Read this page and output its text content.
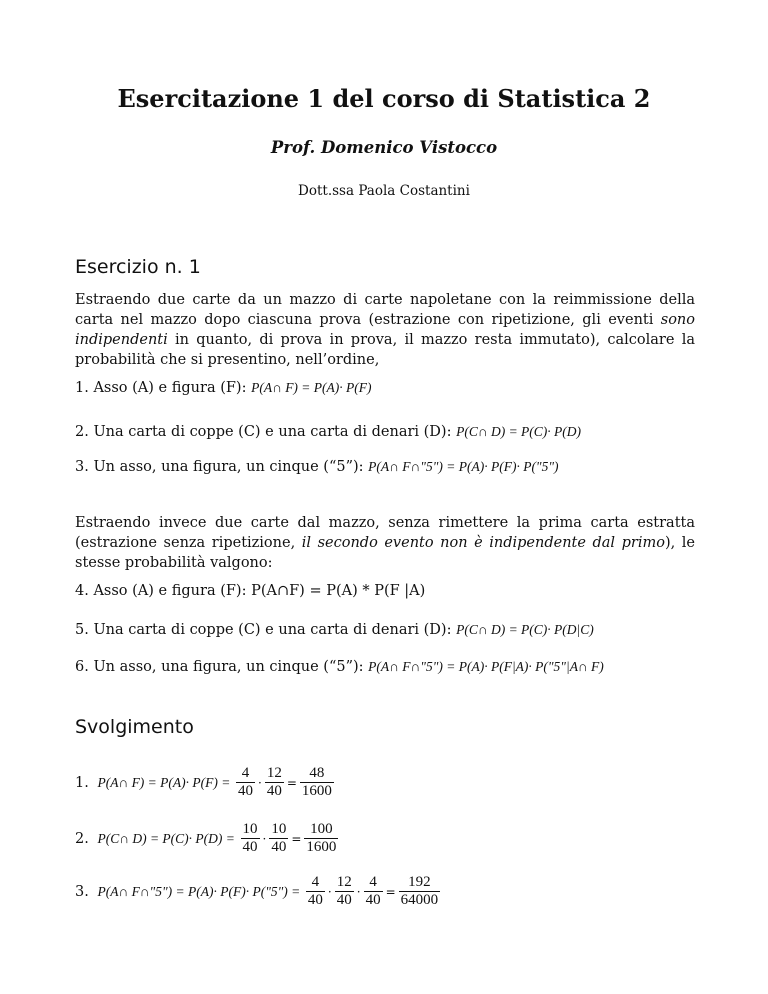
Esercitazione 1 del corso di Statistica 2
Prof. Domenico Vistocco
Dott.ssa Paola Costantini
Esercizio n. 1
Estraendo due carte da un mazzo di carte napoletane con la reimmissione della carta nel mazzo dopo ciascuna prova (estrazione con ripetizione, gli eventi sono indipendenti in quanto, di prova in prova, il mazzo resta immutato), calcolare la probabilità che si presentino, nell’ordine,
1. Asso (A) e figura (F): P(A∩ F) = P(A)· P(F)
2. Una carta di coppe (C) e una carta di denari (D): P(C∩ D) = P(C)· P(D)
3. Un asso, una figura, un cinque (“5”): P(A∩ F∩"5") = P(A)· P(F)· P("5")
Estraendo invece due carte dal mazzo, senza rimettere la prima carta estratta (estrazione senza ripetizione, il secondo evento non è indipendente dal primo), le stesse probabilità valgono:
4. Asso (A) e figura (F): P(A∩F) = P(A) * P(F |A)
5. Una carta di coppe (C) e una carta di denari (D): P(C∩ D) = P(C)· P(D|C)
6. Un asso, una figura, un cinque (“5”): P(A∩ F∩"5") = P(A)· P(F|A)· P("5"|A∩ F)
Svolgimento
1. P(A∩ $F) = P(A)\cdot P(F) = \frac{4}{40} \cdot \frac{12}{40} = \frac{48}{1600}$
2. P(C∩ $D) = P(C)\cdot P(D) = \frac{10}{40} \cdot \frac{10}{40} = \frac{100}{1600}$
3. P(A∩ F∩"5") = P(A)· P(F)· P("5") = $\frac{4}{40} \cdot \frac{12}{40} \cdot \frac{4}{40} = \frac{192}{64000}$
